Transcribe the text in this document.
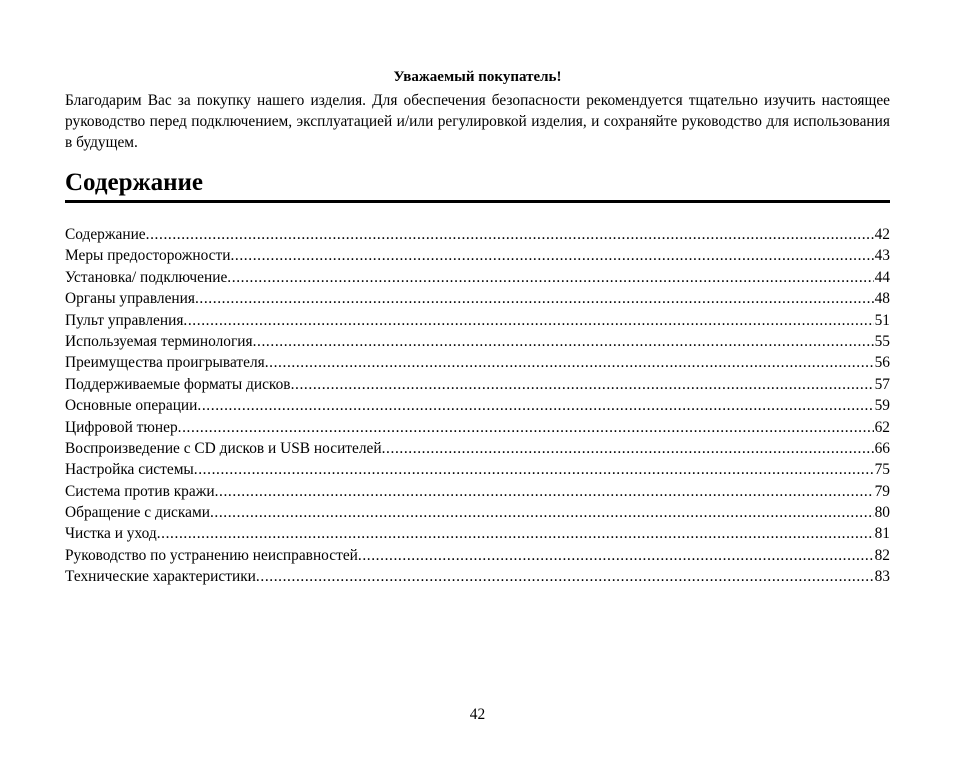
Уважаемый покупатель!

Благодарим Вас за покупку нашего изделия. Для обеспечения безопасности рекомендуется тщательно изучить настоящее руководство перед подключением, эксплуатацией и/или регулировкой изделия, и сохраняйте руководство для использования в будущем.

Содержание
Содержание .....	42
Меры предосторожности .....	43
Установка/ подключение .....	44
Органы управления .....	48
Пульт управления .....	51
Используемая терминология .....	55
Преимущества проигрывателя .....	56
Поддерживаемые форматы дисков .....	57
Основные операции .....	59
Цифровой тюнер .....	62
Воспроизведение с CD дисков и USB носителей .....	66
Настройка системы .....	75
Система против кражи .....	79
Обращение с дисками .....	80
Чистка и уход .....	81
Руководство по устранению неисправностей .....	82
Технические характеристики .....	83
42
